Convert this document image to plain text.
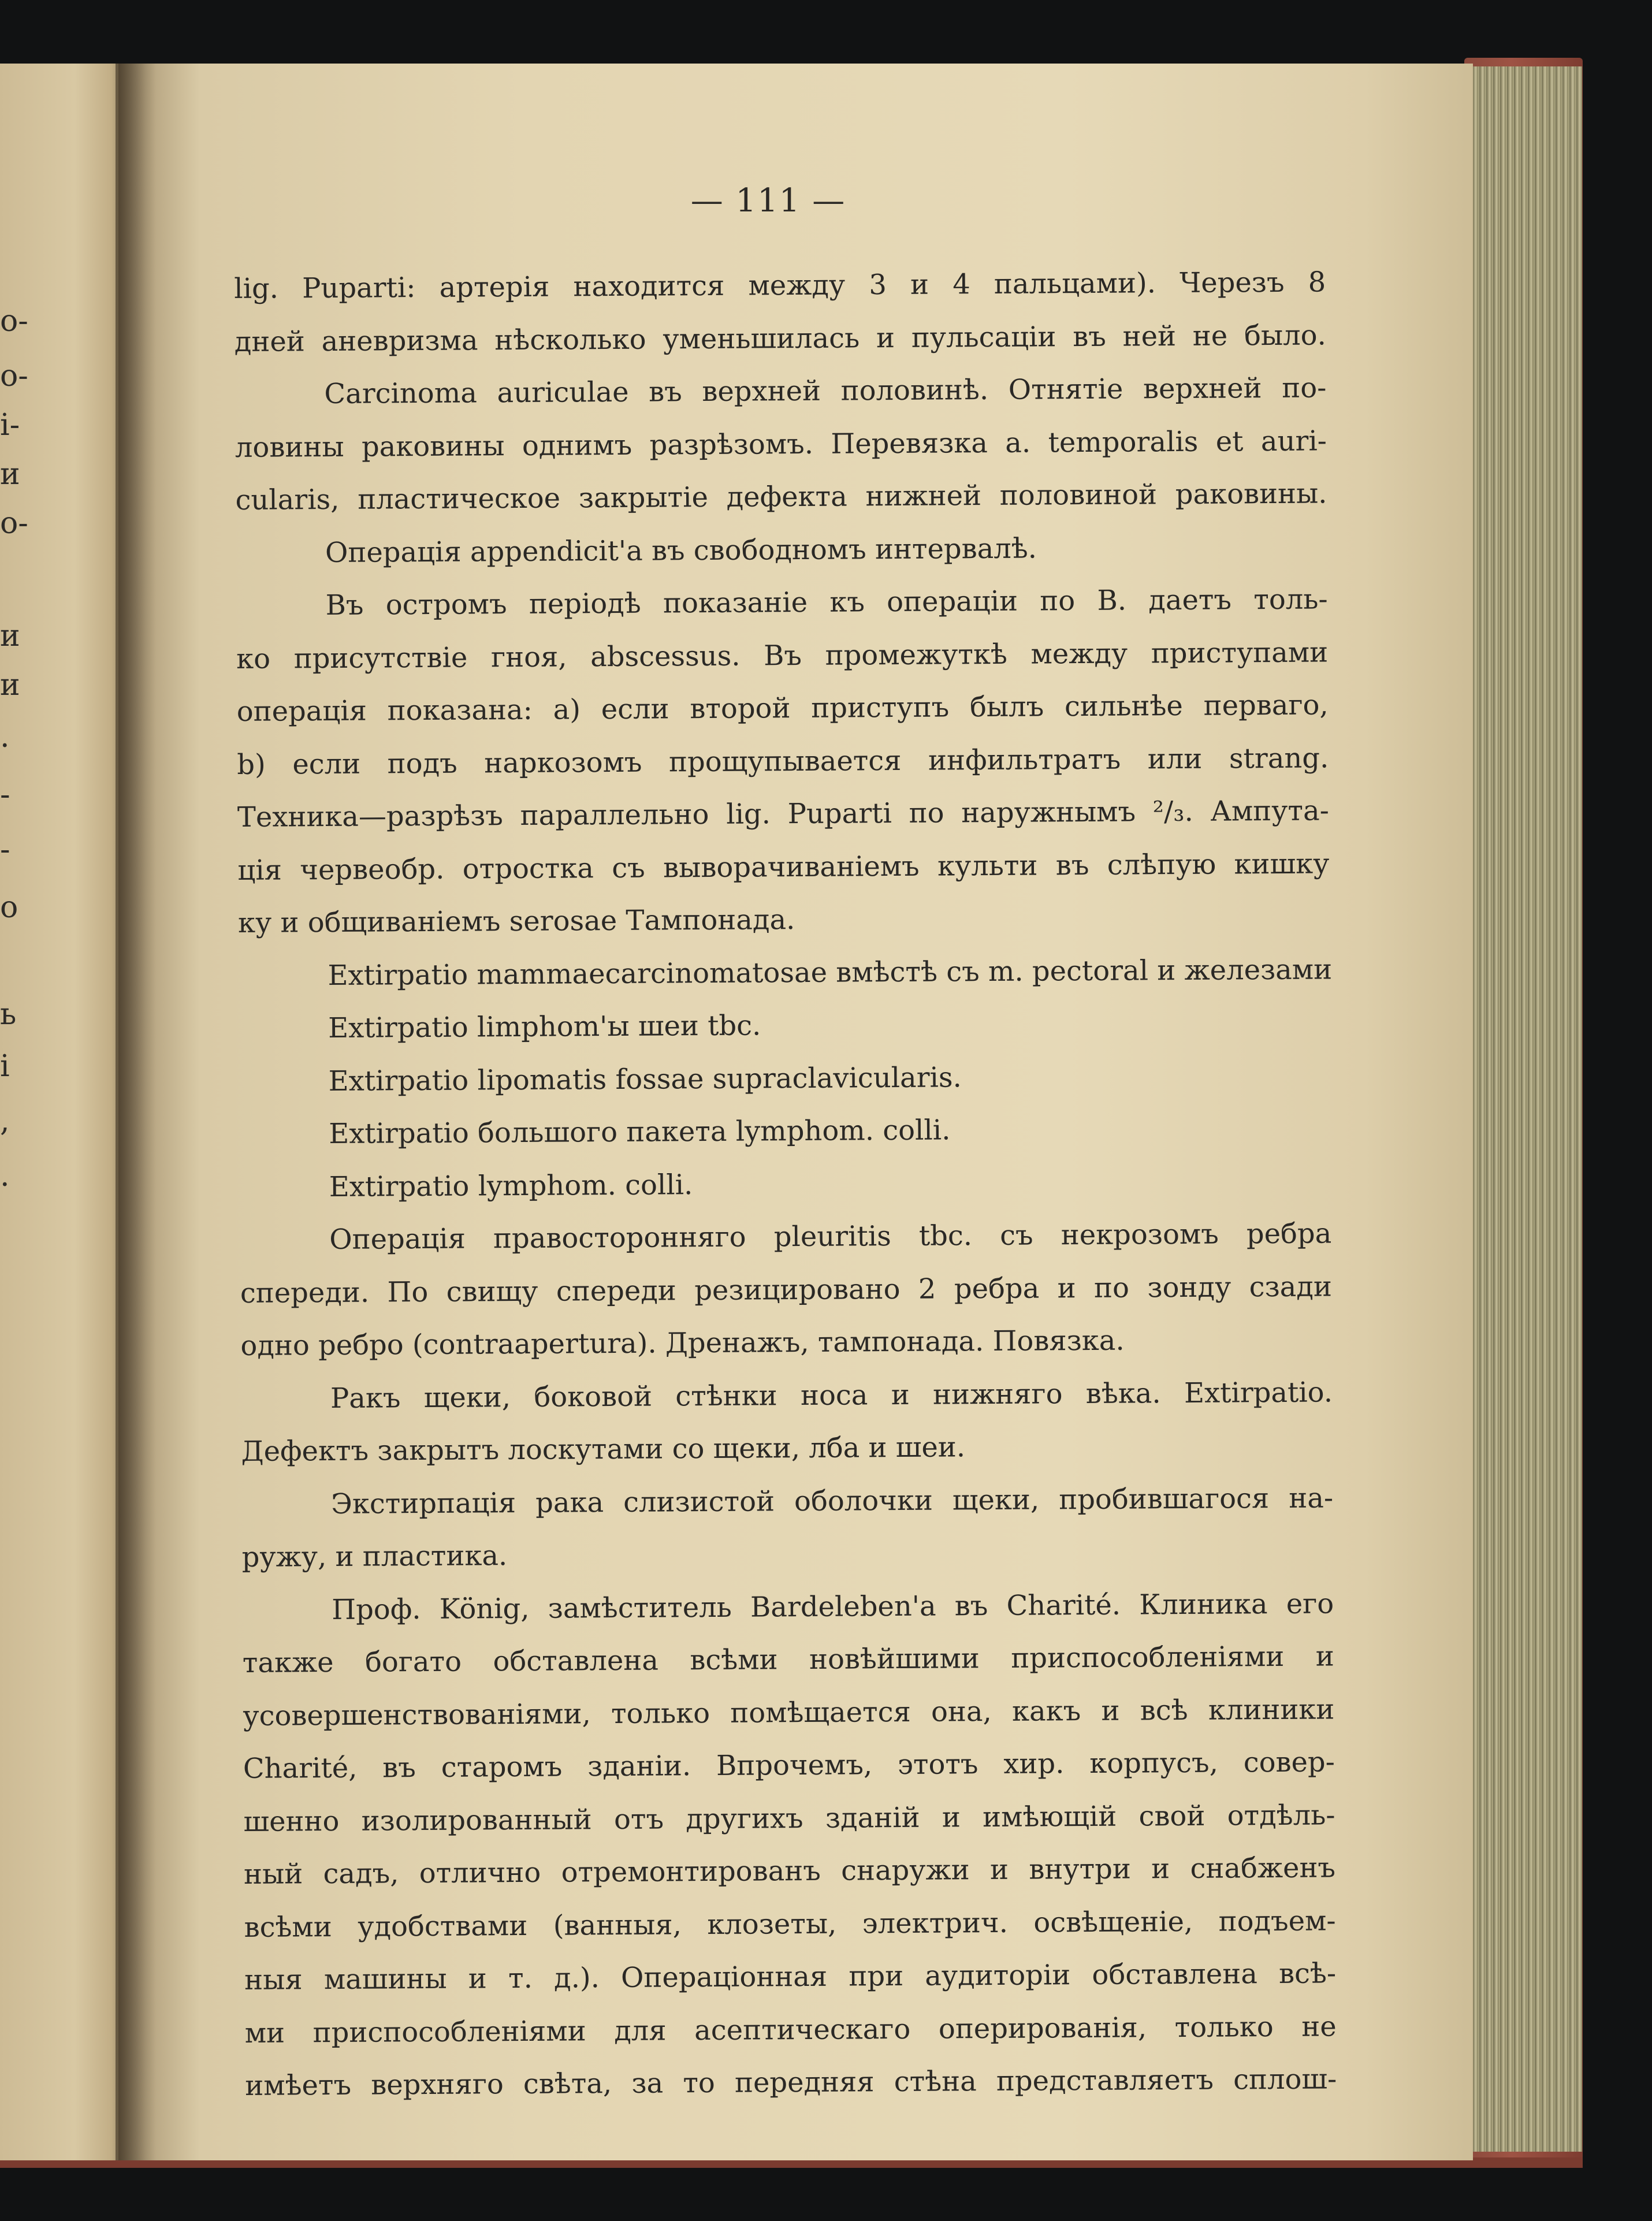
о-
о-
і-
и
о-
и
и
.
-
-
о
ь
і
,
.
— 111 —
lig. Puparti: артерія находится между 3 и 4 пальцами). Черезъ 8
дней аневризма нѣсколько уменьшилась и пульсаціи въ ней не было.
Carcinoma auriculae въ верхней половинѣ. Отнятіе верхней по-
ловины раковины однимъ разрѣзомъ. Перевязка a. temporalis et auri-
cularis, пластическое закрытіе дефекта нижней половиной раковины.
Операція appendicit'а въ свободномъ интервалѣ.
Въ остромъ періодѣ показаніе къ операціи по B. даетъ толь-
ко присутствіе гноя, abscessus. Въ промежуткѣ между приступами
операція показана: a) если второй приступъ былъ сильнѣе перваго,
b) если подъ наркозомъ прощупывается инфильтратъ или strang.
Техника—разрѣзъ параллельно lig. Puparti по наружнымъ ²/₃. Ампута-
ція червеобр. отростка съ выворачиваніемъ культи въ слѣпую кишку
ку и общиваніемъ serosae Тампонада.
Extirpatio mammaecarcinomatosae вмѣстѣ съ m. pectoral и железами
Extirpatio limphom'ы шеи tbc.
Extirpatio lipomatis fossae supraclavicularis.
Extirpatio большого пакета lymphom. colli.
Extirpatio lymphom. colli.
Операція правосторонняго pleuritis tbc. съ некрозомъ ребра
спереди. По свищу спереди резицировано 2 ребра и по зонду сзади
одно ребро (contraapertura). Дренажъ, тампонада. Повязка.
Ракъ щеки, боковой стѣнки носа и нижняго вѣка. Extirpatio.
Дефектъ закрытъ лоскутами со щеки, лба и шеи.
Экстирпація рака слизистой оболочки щеки, пробившагося на-
ружу, и пластика.
Проф. König, замѣститель Bardeleben'а въ Charité. Клиника его
также богато обставлена всѣми новѣйшими приспособленіями и
усовершенствованіями, только помѣщается она, какъ и всѣ клиники
Charité, въ старомъ зданіи. Впрочемъ, этотъ хир. корпусъ, совер-
шенно изолированный отъ другихъ зданій и имѣющій свой отдѣль-
ный садъ, отлично отремонтированъ снаружи и внутри и снабженъ
всѣми удобствами (ванныя, клозеты, электрич. освѣщеніе, подъем-
ныя машины и т. д.). Операціонная при аудиторіи обставлена всѣ-
ми приспособленіями для асептическаго оперированія, только не
имѣетъ верхняго свѣта, за то передняя стѣна представляетъ сплош-
